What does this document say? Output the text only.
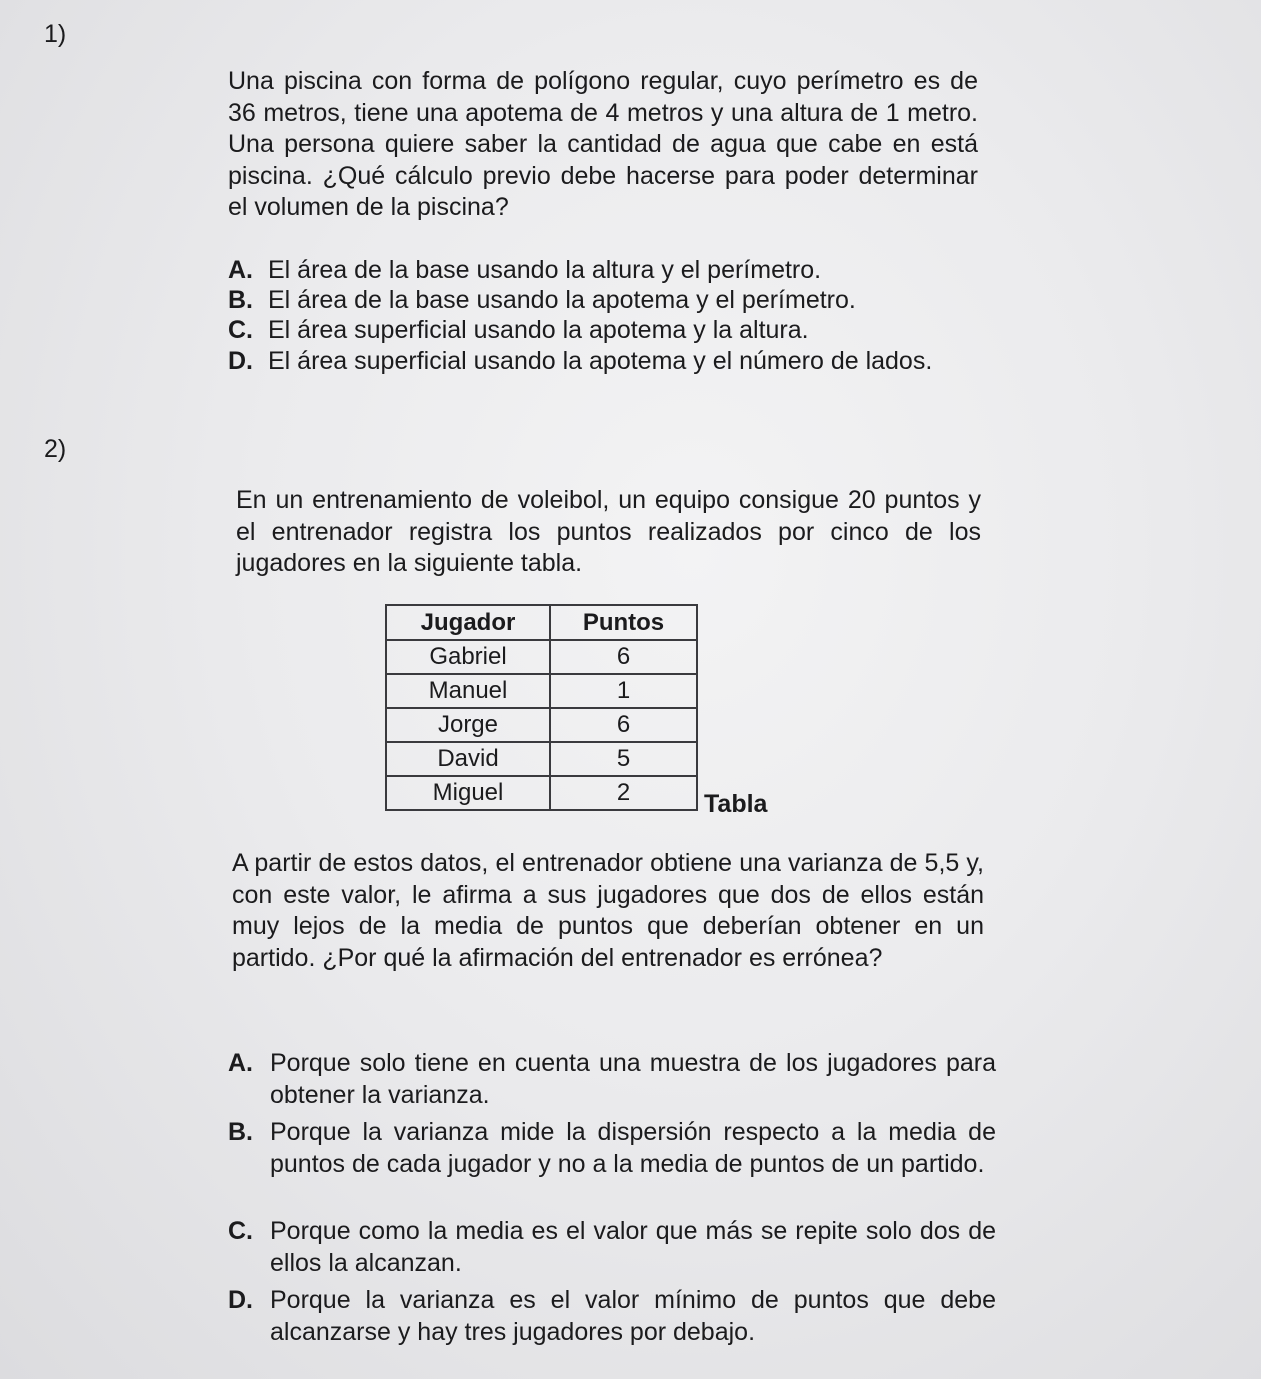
1)
Una piscina con forma de polígono regular, cuyo perímetro es de 36 metros, tiene una apotema de 4 metros y una altura de 1 metro. Una persona quiere saber la cantidad de agua que cabe en está piscina. ¿Qué cálculo previo debe hacerse para poder determinar el volumen de la piscina?
A. El área de la base usando la altura y el perímetro.
B. El área de la base usando la apotema y el perímetro.
C. El área superficial usando la apotema y la altura.
D. El área superficial usando la apotema y el número de lados.
2)
En un entrenamiento de voleibol, un equipo consigue 20 puntos y el entrenador registra los puntos realizados por cinco de los jugadores en la siguiente tabla.
Jugador	Puntos
Gabriel	6
Manuel	1
Jorge	6
David	5
Miguel	2	Tabla
A partir de estos datos, el entrenador obtiene una varianza de 5,5 y, con este valor, le afirma a sus jugadores que dos de ellos están muy lejos de la media de puntos que deberían obtener en un partido. ¿Por qué la afirmación del entrenador es errónea?
A. Porque solo tiene en cuenta una muestra de los jugadores para obtener la varianza.
B. Porque la varianza mide la dispersión respecto a la media de puntos de cada jugador y no a la media de puntos de un partido.
C. Porque como la media es el valor que más se repite solo dos de ellos la alcanzan.
D. Porque la varianza es el valor mínimo de puntos que debe alcanzarse y hay tres jugadores por debajo.
